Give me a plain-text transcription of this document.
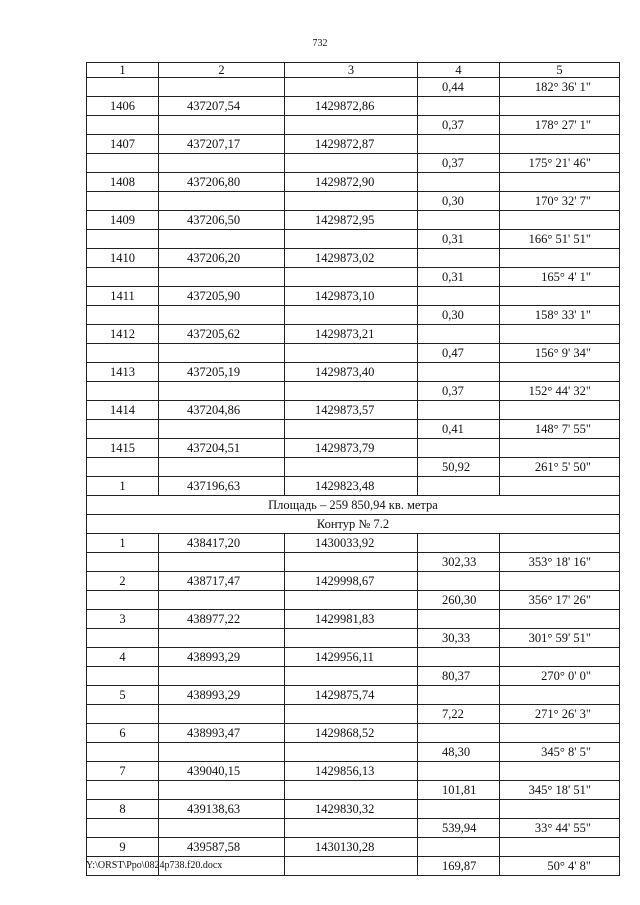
732
1	2	3	4	5
			0,44	182° 36' 1"
1406	437207,54	1429872,86		
			0,37	178° 27' 1"
1407	437207,17	1429872,87		
			0,37	175° 21' 46"
1408	437206,80	1429872,90		
			0,30	170° 32' 7"
1409	437206,50	1429872,95		
			0,31	166° 51' 51"
1410	437206,20	1429873,02		
			0,31	165° 4' 1"
1411	437205,90	1429873,10		
			0,30	158° 33' 1"
1412	437205,62	1429873,21		
			0,47	156° 9' 34"
1413	437205,19	1429873,40		
			0,37	152° 44' 32"
1414	437204,86	1429873,57		
			0,41	148° 7' 55"
1415	437204,51	1429873,79		
			50,92	261° 5' 50"
1	437196,63	1429823,48		
Площадь – 259 850,94 кв. метра				
Контур № 7.2				
1	438417,20	1430033,92		
			302,33	353° 18' 16"
2	438717,47	1429998,67		
			260,30	356° 17' 26"
3	438977,22	1429981,83		
			30,33	301° 59' 51"
4	438993,29	1429956,11		
			80,37	270° 0' 0"
5	438993,29	1429875,74		
			7,22	271° 26' 3"
6	438993,47	1429868,52		
			48,30	345° 8' 5"
7	439040,15	1429856,13		
			101,81	345° 18' 51"
8	439138,63	1429830,32		
			539,94	33° 44' 55"
9	439587,58	1430130,28		
			169,87	50° 4' 8"
Y:\ORST\Ppo\0824p738.f20.docx
